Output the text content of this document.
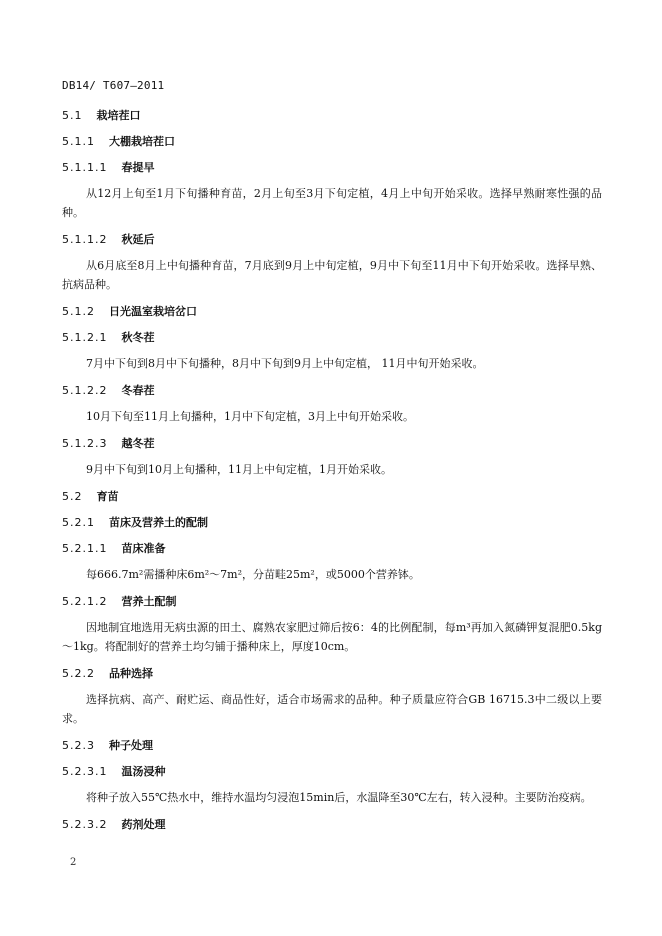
DB14/ T607—2011
5.1 栽培茬口
5.1.1 大棚栽培茬口
5.1.1.1 春提早

从12月上旬至1月下旬播种育苗，2月上旬至3月下旬定植，4月上中旬开始采收。选择早熟耐寒性强的品种。

5.1.1.2 秋延后

从6月底至8月上中旬播种育苗，7月底到9月上中旬定植，9月中下旬至11月中下旬开始采收。选择早熟、抗病品种。

5.1.2 日光温室栽培岔口
5.1.2.1 秋冬茬

7月中下旬到8月中下旬播种，8月中下旬到9月上中旬定植， 11月中旬开始采收。

5.1.2.2 冬春茬

10月下旬至11月上旬播种，1月中下旬定植，3月上中旬开始采收。

5.1.2.3 越冬茬

9月中下旬到10月上旬播种，11月上中旬定植，1月开始采收。

5.2 育苗
5.2.1 苗床及营养土的配制
5.2.1.1 苗床准备

每666.7m²需播种床6m²～7m²，分苗畦25m²，或5000个营养钵。

5.2.1.2 营养土配制

因地制宜地选用无病虫源的田土、腐熟农家肥过筛后按6：4的比例配制，每m³再加入氮磷钾复混肥0.5kg～1kg。将配制好的营养土均匀铺于播种床上，厚度10cm。

5.2.2 品种选择

选择抗病、高产、耐贮运、商品性好，适合市场需求的品种。种子质量应符合GB 16715.3中二级以上要求。

5.2.3 种子处理
5.2.3.1 温汤浸种

将种子放入55℃热水中，维持水温均匀浸泡15min后，水温降至30℃左右，转入浸种。主要防治疫病。

5.2.3.2 药剂处理
2
